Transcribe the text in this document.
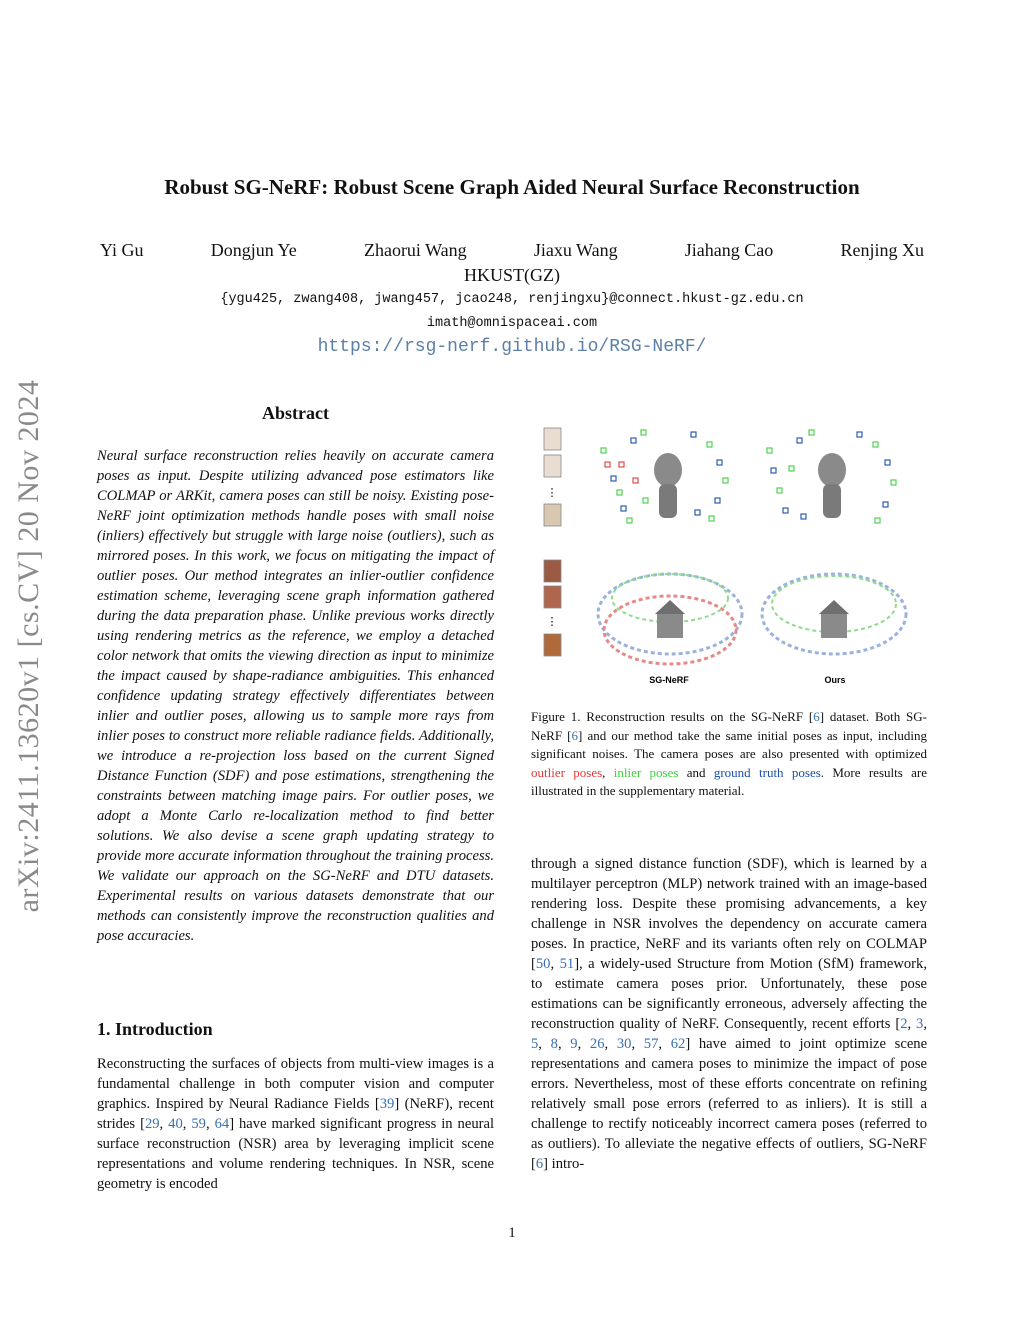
arXiv:2411.13620v1 [cs.CV] 20 Nov 2024
Robust SG-NeRF: Robust Scene Graph Aided Neural Surface Reconstruction
Yi Gu	Dongjun Ye	Zhaorui Wang	Jiaxu Wang	Jiahang Cao	Renjing Xu
HKUST(GZ)
{ygu425, zwang408, jwang457, jcao248, renjingxu}@connect.hkust-gz.edu.cn
imath@omnispaceai.com
https://rsg-nerf.github.io/RSG-NeRF/
Abstract

Neural surface reconstruction relies heavily on accurate camera poses as input. Despite utilizing advanced pose estimators like COLMAP or ARKit, camera poses can still be noisy. Existing pose-NeRF joint optimization methods handle poses with small noise (inliers) effectively but struggle with large noise (outliers), such as mirrored poses. In this work, we focus on mitigating the impact of outlier poses. Our method integrates an inlier-outlier confidence estimation scheme, leveraging scene graph information gathered during the data preparation phase. Unlike previous works directly using rendering metrics as the reference, we employ a detached color network that omits the viewing direction as input to minimize the impact caused by shape-radiance ambiguities. This enhanced confidence updating strategy effectively differentiates between inlier and outlier poses, allowing us to sample more rays from inlier poses to construct more reliable radiance fields. Additionally, we introduce a re-projection loss based on the current Signed Distance Function (SDF) and pose estimations, strengthening the constraints between matching image pairs. For outlier poses, we adopt a Monte Carlo re-localization method to find better solutions. We also devise a scene graph updating strategy to provide more accurate information throughout the training process. We validate our approach on the SG-NeRF and DTU datasets. Experimental results on various datasets demonstrate that our methods can consistently improve the reconstruction qualities and pose accuracies.

1. Introduction

Reconstructing the surfaces of objects from multi-view images is a fundamental challenge in both computer vision and computer graphics. Inspired by Neural Radiance Fields [39] (NeRF), recent strides [29, 40, 59, 64] have marked significant progress in neural surface reconstruction (NSR) area by leveraging implicit scene representations and volume rendering techniques. In NSR, scene geometry is encoded

⋮
⋮
SG-NeRF	Ours

Figure 1. Reconstruction results on the SG-NeRF [6] dataset. Both SG-NeRF [6] and our method take the same initial poses as input, including significant noises. The camera poses are also presented with optimized outlier poses, inlier poses and ground truth poses. More results are illustrated in the supplementary material.

through a signed distance function (SDF), which is learned by a multilayer perceptron (MLP) network trained with an image-based rendering loss. Despite these promising advancements, a key challenge in NSR involves the dependency on accurate camera poses. In practice, NeRF and its variants often rely on COLMAP [50, 51], a widely-used Structure from Motion (SfM) framework, to estimate camera poses prior. Unfortunately, these pose estimations can be significantly erroneous, adversely affecting the reconstruction quality of NeRF. Consequently, recent efforts [2, 3, 5, 8, 9, 26, 30, 57, 62] have aimed to joint optimize scene representations and camera poses to minimize the impact of pose errors. Nevertheless, most of these efforts concentrate on refining relatively small pose errors (referred to as inliers). It is still a challenge to rectify noticeably incorrect camera poses (referred to as outliers). To alleviate the negative effects of outliers, SG-NeRF [6] intro-

1
